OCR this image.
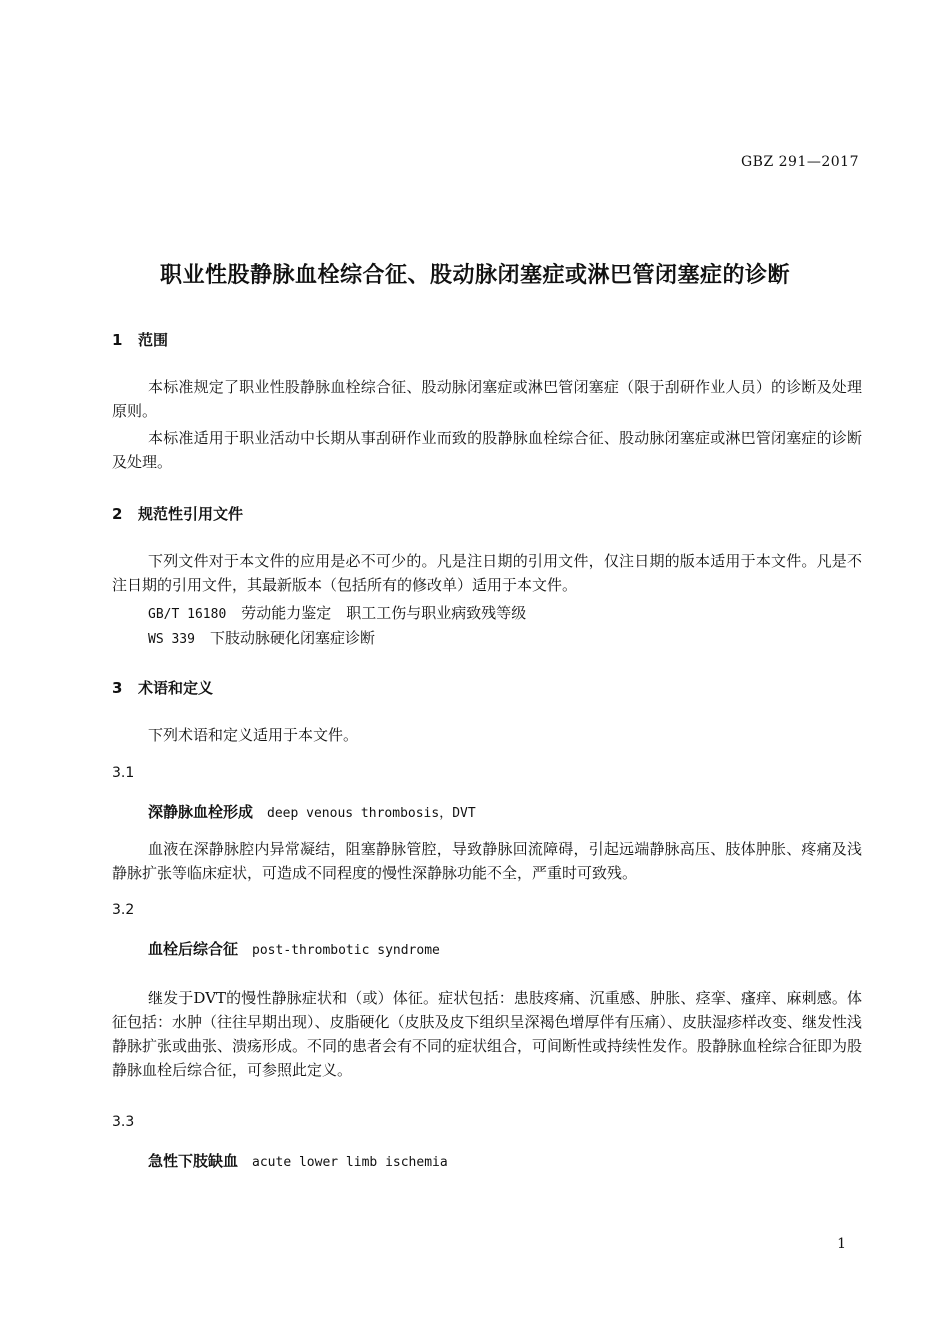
GBZ 291—2017
职业性股静脉血栓综合征、股动脉闭塞症或淋巴管闭塞症的诊断
1 范围
本标准规定了职业性股静脉血栓综合征、股动脉闭塞症或淋巴管闭塞症（限于刮研作业人员）的诊断及处理原则。
本标准适用于职业活动中长期从事刮研作业而致的股静脉血栓综合征、股动脉闭塞症或淋巴管闭塞症的诊断及处理。
2 规范性引用文件
下列文件对于本文件的应用是必不可少的。凡是注日期的引用文件，仅注日期的版本适用于本文件。凡是不注日期的引用文件，其最新版本（包括所有的修改单）适用于本文件。
GB/T 16180　 劳动能力鉴定　职工工伤与职业病致残等级
WS 339　 下肢动脉硬化闭塞症诊断
3 术语和定义
下列术语和定义适用于本文件。
3.1
深静脉血栓形成 deep venous thrombosis，DVT
血液在深静脉腔内异常凝结，阻塞静脉管腔，导致静脉回流障碍，引起远端静脉高压、肢体肿胀、疼痛及浅静脉扩张等临床症状，可造成不同程度的慢性深静脉功能不全，严重时可致残。
3.2
血栓后综合征 post-thrombotic syndrome
继发于DVT的慢性静脉症状和（或）体征。症状包括：患肢疼痛、沉重感、肿胀、痉挛、瘙痒、麻刺感。体征包括：水肿（往往早期出现）、皮脂硬化（皮肤及皮下组织呈深褐色增厚伴有压痛）、皮肤湿疹样改变、继发性浅静脉扩张或曲张、溃疡形成。不同的患者会有不同的症状组合，可间断性或持续性发作。股静脉血栓综合征即为股静脉血栓后综合征，可参照此定义。
3.3
急性下肢缺血 acute lower limb ischemia
1
